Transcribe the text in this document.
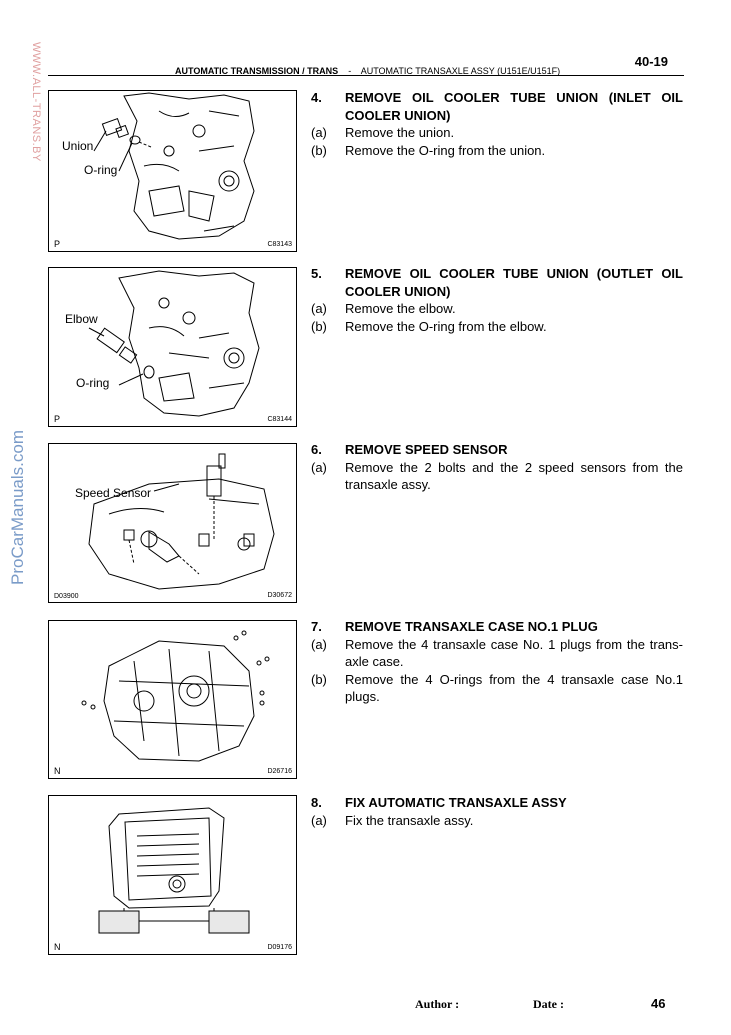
40-19
AUTOMATIC TRANSMISSION / TRANS - AUTOMATIC TRANSAXLE ASSY (U151E/U151F)
WWW.ALL-TRANS.BY
ProCarManuals.com
Union
O-ring
P	C83143
Elbow
O-ring
P	C83144
Speed Sensor
D03900	D30672
N	D26716
N	D09176
4.	REMOVE OIL COOLER TUBE UNION (INLET OIL COOLER UNION)
(a)	Remove the union.
(b)	Remove the O-ring from the union.
5.	REMOVE OIL COOLER TUBE UNION (OUTLET OIL COOLER UNION)
(a)	Remove the elbow.
(b)	Remove the O-ring from the elbow.
6.	REMOVE SPEED SENSOR
(a)	Remove the 2 bolts and the 2 speed sensors from the transaxle assy.
7.	REMOVE TRANSAXLE CASE NO.1 PLUG
(a)	Remove the 4 transaxle case No. 1 plugs from the trans-axle case.
(b)	Remove the 4 O-rings from the 4 transaxle case No.1 plugs.
8.	FIX AUTOMATIC TRANSAXLE ASSY
(a)	Fix the transaxle assy.
Author :	Date :	46
